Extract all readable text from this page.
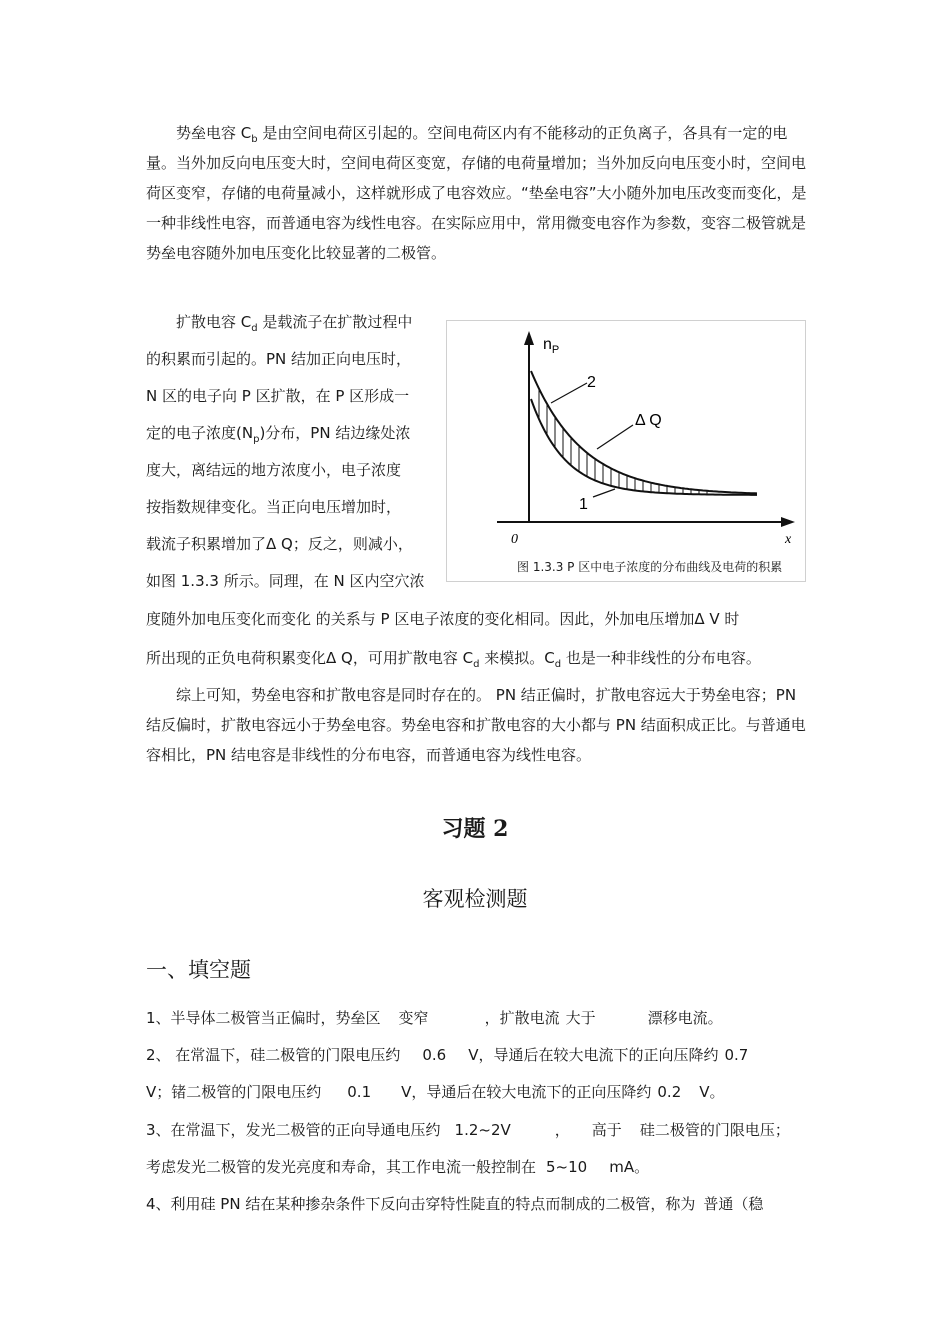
势垒电容 $C_b$ 是由空间电荷区引起的。空间电荷区内有不能移动的正负离子，各具有一定的电量。当外加反向电压变大时，空间电荷区变宽，存储的电荷量增加；当外加反向电压变小时，空间电荷区变窄，存储的电荷量减小，这样就形成了电容效应。“垫垒电容”大小随外加电压改变而变化，是一种非线性电容，而普通电容为线性电容。在实际应用中，常用微变电容作为参数，变容二极管就是势垒电容随外加电压变化比较显著的二极管。

扩散电容 $C_d$ 是载流子在扩散过程中
的积累而引起的。PN 结加正向电压时，
N 区的电子向 P 区扩散，在 P 区形成一
定的电子浓度$(N_p)$分布，PN 结边缘处浓
度大，离结远的地方浓度小，电子浓度
按指数规律变化。当正向电压增加时，
载流子积累增加了Δ Q；反之，则减小，
如图 1.3.3 所示。同理，在 N 区内空穴浓
度随外加电压变化而变化 的关系与 P 区电子浓度的变化相同。因此，外加电压增加Δ V 时
所出现的正负电荷积累变化Δ Q，可用扩散电容 $C_d$ 来模拟。$C_d$ 也是一种非线性的分布电容。
$n_P$
2
Δ Q
1
0	x
图 1.3.3 P 区中电子浓度的分布曲线及电荷的积累

综上可知，势垒电容和扩散电容是同时存在的。 PN 结正偏时，扩散电容远大于势垒电容；PN 结反偏时，扩散电容远小于势垒电容。势垒电容和扩散电容的大小都与 PN 结面积成正比。与普通电容相比，PN 结电容是非线性的分布电容，而普通电容为线性电容。

习题 2
客观检测题
一、填空题
1、半导体二极管当正偏时，势垒区 变窄	，扩散电流 大于	漂移电流。
2、 在常温下，硅二极管的门限电压约 0.6 V，导通后在较大电流下的正向压降约 0.7
V；锗二极管的门限电压约 0.1 V，导通后在较大电流下的正向压降约 0.2 V。
3、在常温下，发光二极管的正向导通电压约 1.2~2V	， 高于 硅二极管的门限电压；
考虑发光二极管的发光亮度和寿命，其工作电流一般控制在 5~10 mA。
4、利用硅 PN 结在某种掺杂条件下反向击穿特性陡直的特点而制成的二极管，称为 普通（稳
